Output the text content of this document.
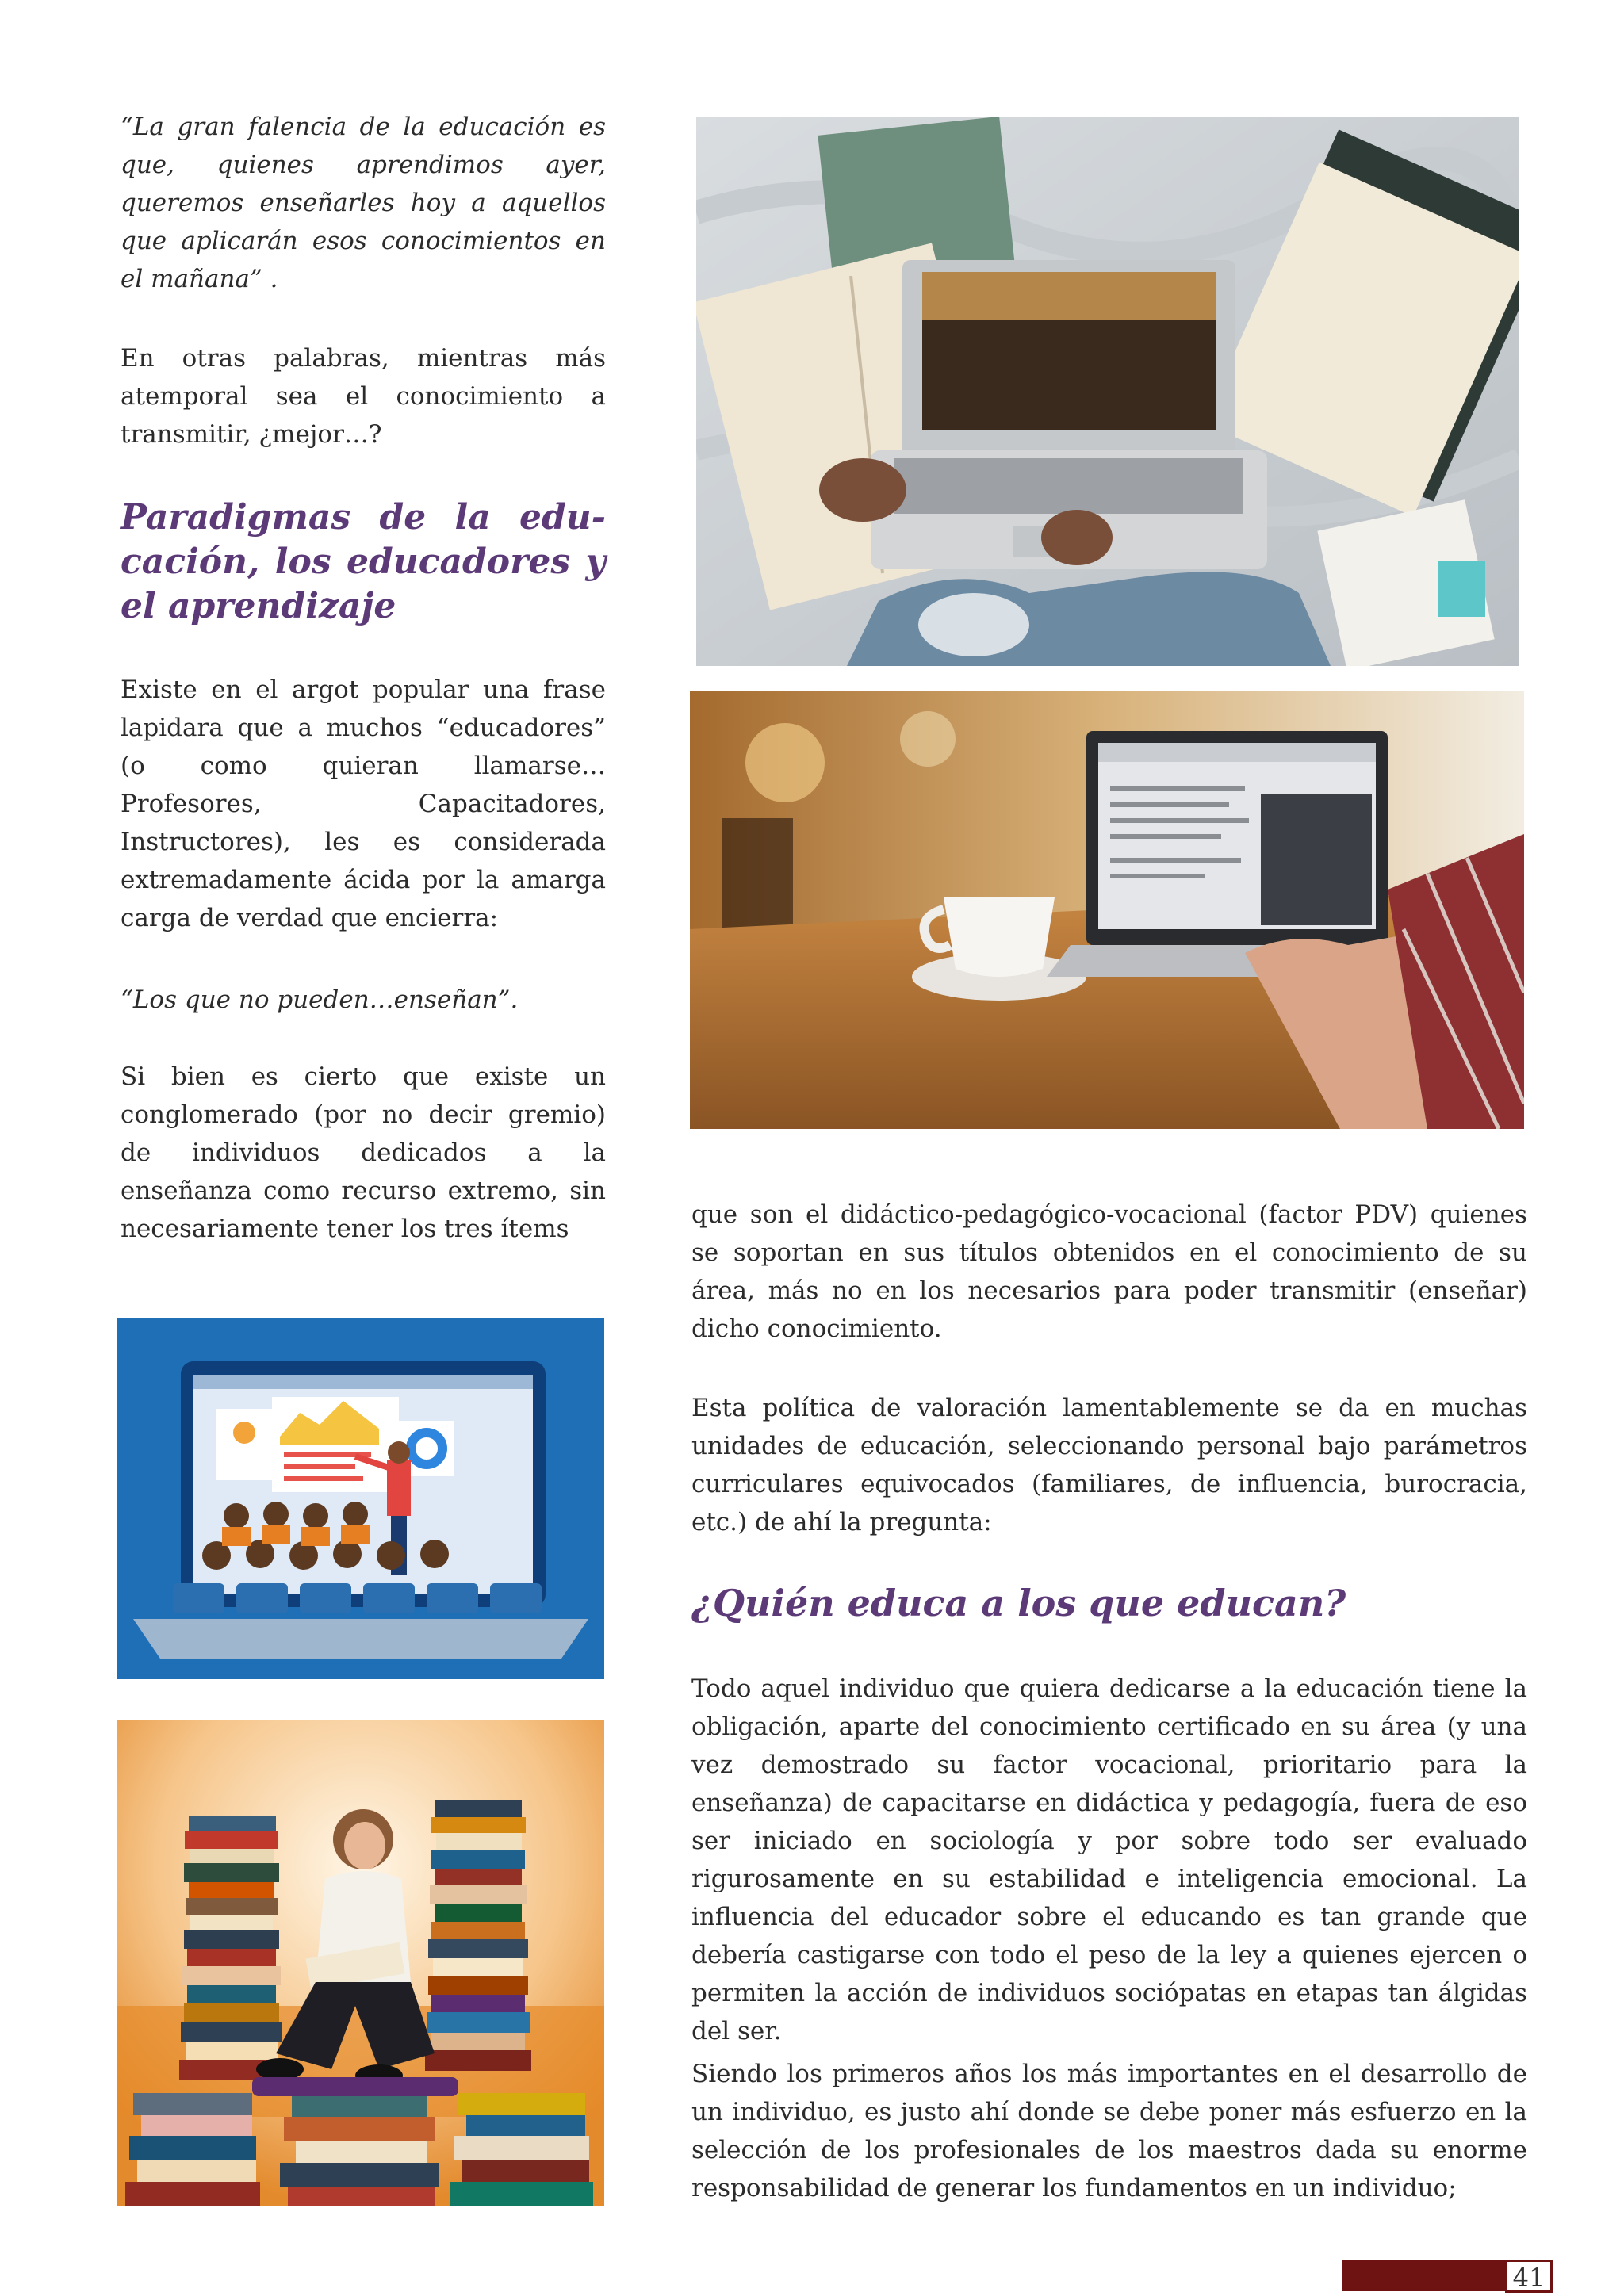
“La gran falencia de la educación es que, quienes aprendimos ayer, queremos enseñarles hoy a aquellos que aplicarán esos conocimientos en el mañana” .

En otras palabras, mientras más atemporal sea el conocimiento a transmitir, ¿mejor…?

Paradigmas de la edu-cación, los educadores y el aprendizaje

Existe en el argot popular una frase lapidara que a muchos “educadores” (o como quieran llamarse… Profesores, Capacitadores, Instructores), les es considerada extremadamente ácida por la amarga carga de verdad que encierra:

“Los que no pueden…enseñan”.

Si bien es cierto que existe un conglomerado (por no decir gremio) de individuos dedicados a la enseñanza como recurso extremo, sin necesariamente tener los tres ítems	que son el didáctico-pedagógico-vocacional (factor PDV) quienes se soportan en sus títulos obtenidos en el conocimiento de su área, más no en los necesarios para poder transmitir (enseñar) dicho conocimiento.

Esta política de valoración lamentablemente se da en muchas unidades de educación, seleccionando personal bajo parámetros curriculares equivocados (familiares, de influencia, burocracia, etc.) de ahí la pregunta:

¿Quién educa a los que educan?

Todo aquel individuo que quiera dedicarse a la educación tiene la obligación, aparte del conocimiento certificado en su área (y una vez demostrado su factor vocacional, prioritario para la enseñanza) de capacitarse en didáctica y pedagogía, fuera de eso ser iniciado en sociología y por sobre todo ser evaluado rigurosamente en su estabilidad e inteligencia emocional. La influencia del educador sobre el educando es tan grande que debería castigarse con todo el peso de la ley a quienes ejercen o permiten la acción de individuos sociópatas en etapas tan álgidas del ser.

Siendo los primeros años los más importantes en el desarrollo de un individuo, es justo ahí donde se debe poner más esfuerzo en la selección de los profesionales de los maestros dada su enorme responsabilidad de generar los fundamentos en un individuo;

41
